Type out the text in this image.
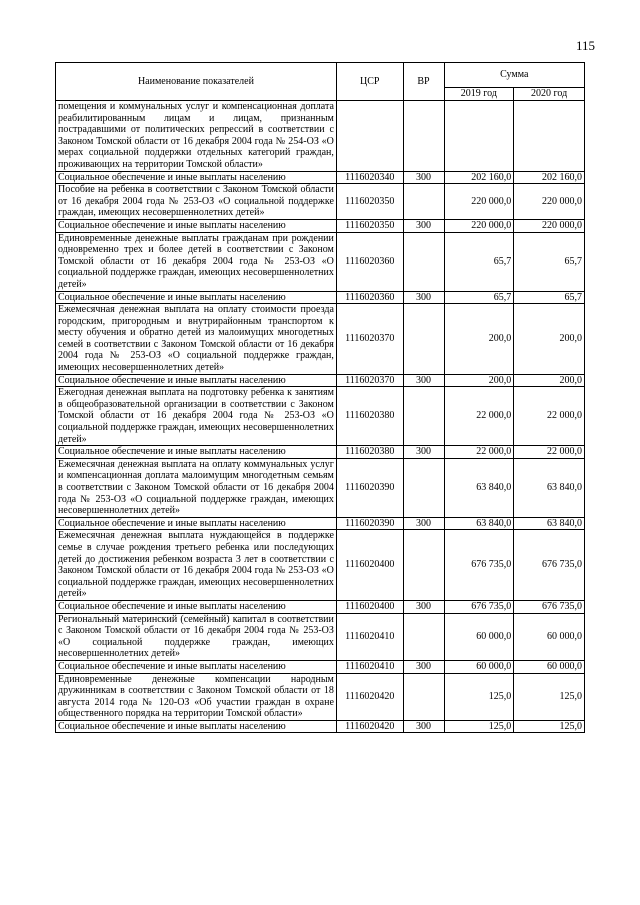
115
Наименование показателей	ЦСР	ВР	Сумма	
			2019 год	2020 год
помещения и коммунальных услуг и компенсационная доплата реабилитированным лицам и лицам, признанным пострадавшими от политических репрессий в соответствии с Законом Томской области от 16 декабря 2004 года № 254-ОЗ «О мерах социальной поддержки отдельных категорий граждан, проживающих на территории Томской области»				
Социальное обеспечение и иные выплаты населению	1116020340	300	202 160,0	202 160,0
Пособие на ребенка в соответствии с Законом Томской области от 16 декабря 2004 года № 253-ОЗ «О социальной поддержке граждан, имеющих несовершеннолетних детей»	1116020350		220 000,0	220 000,0
Социальное обеспечение и иные выплаты населению	1116020350	300	220 000,0	220 000,0
Единовременные денежные выплаты гражданам при рождении одновременно трех и более детей в соответствии с Законом Томской области от 16 декабря 2004 года № 253-ОЗ «О социальной поддержке граждан, имеющих несовершеннолетних детей»	1116020360		65,7	65,7
Социальное обеспечение и иные выплаты населению	1116020360	300	65,7	65,7
Ежемесячная денежная выплата на оплату стоимости проезда городским, пригородным и внутрирайонным транспортом к месту обучения и обратно детей из малоимущих многодетных семей в соответствии с Законом Томской области от 16 декабря 2004 года № 253-ОЗ «О социальной поддержке граждан, имеющих несовершеннолетних детей»	1116020370		200,0	200,0
Социальное обеспечение и иные выплаты населению	1116020370	300	200,0	200,0
Ежегодная денежная выплата на подготовку ребенка к занятиям в общеобразовательной организации в соответствии с Законом Томской области от 16 декабря 2004 года № 253-ОЗ «О социальной поддержке граждан, имеющих несовершеннолетних детей»	1116020380		22 000,0	22 000,0
Социальное обеспечение и иные выплаты населению	1116020380	300	22 000,0	22 000,0
Ежемесячная денежная выплата на оплату коммунальных услуг и компенсационная доплата малоимущим многодетным семьям в соответствии с Законом Томской области от 16 декабря 2004 года № 253-ОЗ «О социальной поддержке граждан, имеющих несовершеннолетних детей»	1116020390		63 840,0	63 840,0
Социальное обеспечение и иные выплаты населению	1116020390	300	63 840,0	63 840,0
Ежемесячная денежная выплата нуждающейся в поддержке семье в случае рождения третьего ребенка или последующих детей до достижения ребенком возраста 3 лет в соответствии с Законом Томской области от 16 декабря 2004 года № 253-ОЗ «О социальной поддержке граждан, имеющих несовершеннолетних детей»	1116020400		676 735,0	676 735,0
Социальное обеспечение и иные выплаты населению	1116020400	300	676 735,0	676 735,0
Региональный материнский (семейный) капитал в соответствии с Законом Томской области от 16 декабря 2004 года № 253-ОЗ «О социальной поддержке граждан, имеющих несовершеннолетних детей»	1116020410		60 000,0	60 000,0
Социальное обеспечение и иные выплаты населению	1116020410	300	60 000,0	60 000,0
Единовременные денежные компенсации народным дружинникам в соответствии с Законом Томской области от 18 августа 2014 года № 120-ОЗ «Об участии граждан в охране общественного порядка на территории Томской области»	1116020420		125,0	125,0
Социальное обеспечение и иные выплаты населению	1116020420	300	125,0	125,0
